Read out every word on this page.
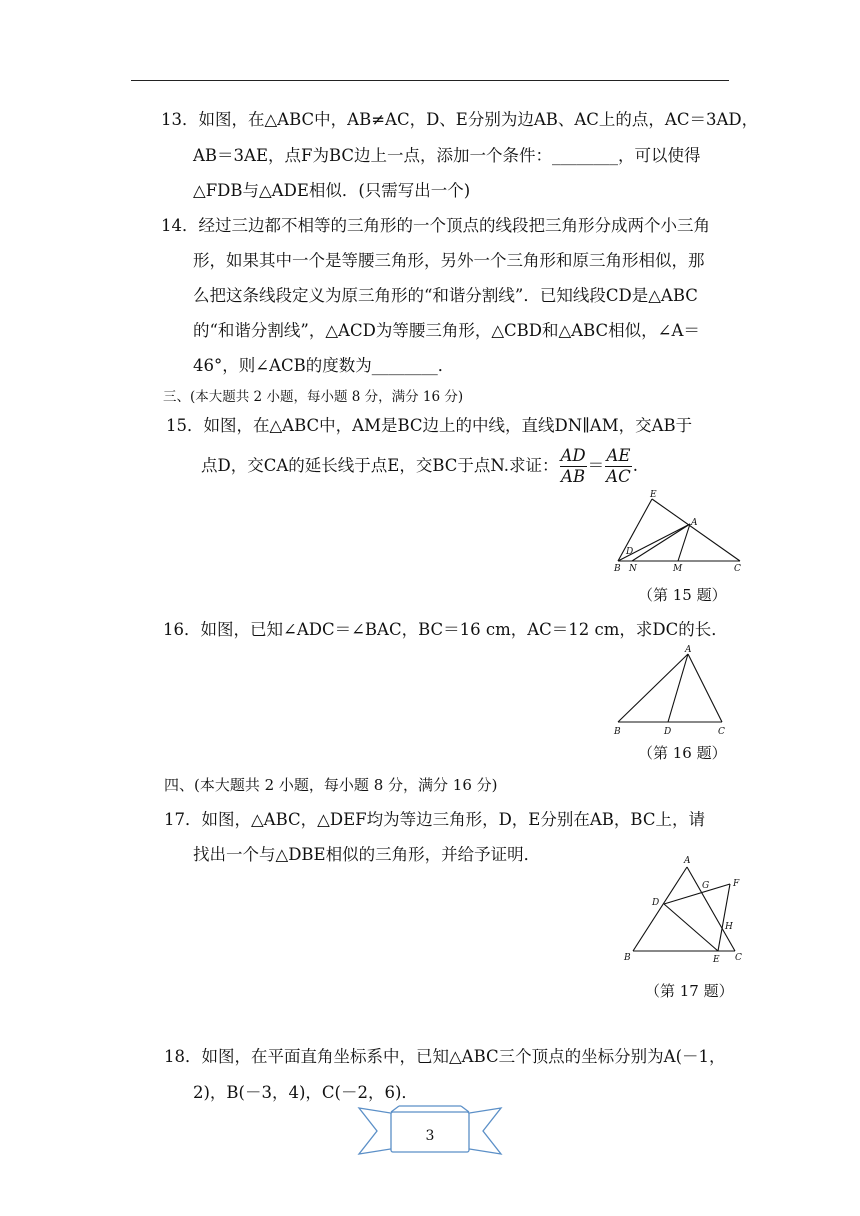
13．如图，在△ABC中，AB≠AC，D、E分别为边AB、AC上的点，AC＝3AD，
AB＝3AE，点F为BC边上一点，添加一个条件：________，可以使得
△FDB与△ADE相似．(只需写出一个)
14．经过三边都不相等的三角形的一个顶点的线段把三角形分成两个小三角
形，如果其中一个是等腰三角形，另外一个三角形和原三角形相似，那
么把这条线段定义为原三角形的“和谐分割线”．已知线段CD是△ABC
的“和谐分割线”，△ACD为等腰三角形，△CBD和△ABC相似，∠A＝
46°，则∠ACB的度数为________．
三、(本大题共 2 小题，每小题 8 分，满分 16 分)
15．如图，在△ABC中，AM是BC边上的中线，直线DN∥AM，交AB于
点D，交CA的延长线于点E，交BC于点N.求证： $\frac{AD}{AB} = \frac{AE}{AC}$ .
E
A
D
B N	M	C
（第 15 题）
16．如图，已知∠ADC＝∠BAC，BC＝16 cm，AC＝12 cm，求DC的长．
A
B	D	C
（第 16 题）
四、(本大题共 2 小题，每小题 8 分，满分 16 分)
17．如图，△ABC，△DEF均为等边三角形，D，E分别在AB，BC上，请
找出一个与△DBE相似的三角形，并给予证明．	A
G	F
D
H
B	E C
（第 17 题）
18．如图，在平面直角坐标系中，已知△ABC三个顶点的坐标分别为A(－1，
2)，B(－3，4)，C(－2，6)．
3
